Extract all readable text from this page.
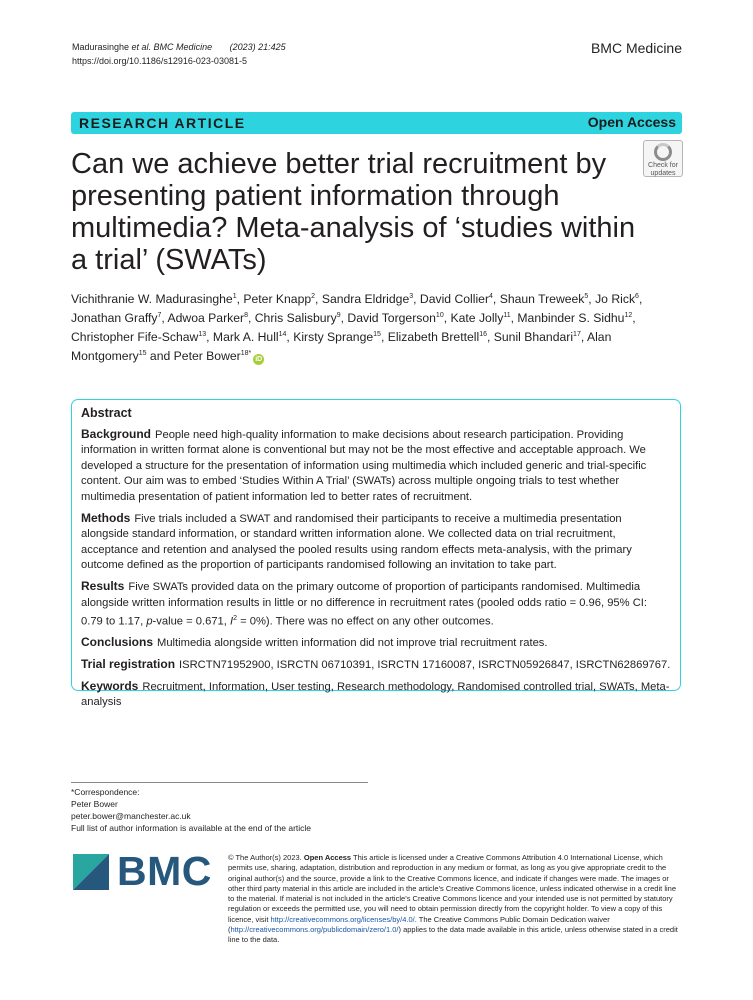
Madurasinghe et al. BMC Medicine (2023) 21:425
https://doi.org/10.1186/s12916-023-03081-5
BMC Medicine
RESEARCH ARTICLE	Open Access
Can we achieve better trial recruitment by presenting patient information through multimedia? Meta-analysis of ‘studies within a trial’ (SWATs)
Check for
updates
Vichithranie W. Madurasinghe$^1$, Peter Knapp$^2$, Sandra Eldridge$^3$, David Collier$^4$, Shaun Treweek$^5$, Jo Rick$^6$, Jonathan Graffy$^7$, Adwoa Parker$^8$, Chris Salisbury$^9$, David Torgerson$^{10}$, Kate Jolly$^{11}$, Manbinder S. Sidhu$^{12}$, Christopher Fife-Schaw$^{13}$, Mark A. Hull$^{14}$, Kirsty Sprange$^{15}$, Elizabeth Brettell$^{16}$, Sunil Bhandari$^{17}$, Alan Montgomery$^{15}$ and Peter Bower$^{18*}$iD
Abstract

Background People need high-quality information to make decisions about research participation. Providing information in written format alone is conventional but may not be the most effective and acceptable approach. We developed a structure for the presentation of information using multimedia which included generic and trial-specific content. Our aim was to embed ‘Studies Within A Trial’ (SWATs) across multiple ongoing trials to test whether multimedia presentation of patient information led to better rates of recruitment.

Methods Five trials included a SWAT and randomised their participants to receive a multimedia presentation alongside standard information, or standard written information alone. We collected data on trial recruitment, acceptance and retention and analysed the pooled results using random effects meta-analysis, with the primary outcome defined as the proportion of participants randomised following an invitation to take part.

Results Five SWATs provided data on the primary outcome of proportion of participants randomised. Multimedia alongside written information results in little or no difference in recruitment rates (pooled odds ratio = 0.96, 95% CI: 0.79 to 1.17, p-value = 0.671, $I^2 = 0\%$). There was no effect on any other outcomes.

Conclusions Multimedia alongside written information did not improve trial recruitment rates.

Trial registration ISRCTN71952900, ISRCTN 06710391, ISRCTN 17160087, ISRCTN05926847, ISRCTN62869767.

Keywords Recruitment, Information, User testing, Research methodology, Randomised controlled trial, SWATs, Meta-analysis

*Correspondence:
Peter Bower
peter.bower@manchester.ac.uk
Full list of author information is available at the end of the article
BMC © The Author(s) 2023. Open Access This article is licensed under a Creative Commons Attribution 4.0 International License, which permits use, sharing, adaptation, distribution and reproduction in any medium or format, as long as you give appropriate credit to the original author(s) and the source, provide a link to the Creative Commons licence, and indicate if changes were made. The images or other third party material in this article are included in the article’s Creative Commons licence, unless indicated otherwise in a credit line to the material. If material is not included in the article’s Creative Commons licence and your intended use is not permitted by statutory regulation or exceeds the permitted use, you will need to obtain permission directly from the copyright holder. To view a copy of this licence, visit http://creativecommons.org/licenses/by/4.0/. The Creative Commons Public Domain Dedication waiver (http://creativecommons.org/publicdomain/zero/1.0/) applies to the data made available in this article, unless otherwise stated in a credit line to the data.
